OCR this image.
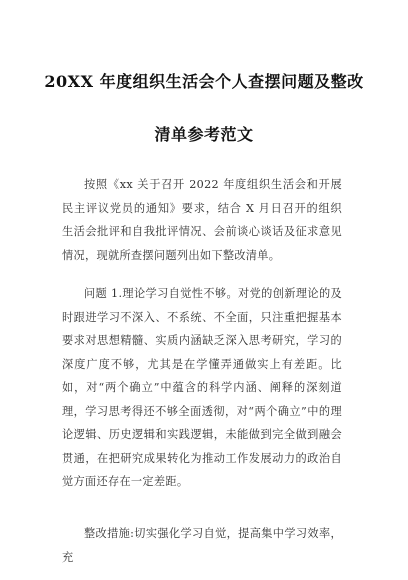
20XX 年度组织生活会个人查摆问题及整改
清单参考范文

按照《xx 关于召开 2022 年度组织生活会和开展民主评议党员的通知》要求，结合 X 月日召开的组织生活会批评和自我批评情况、会前谈心谈话及征求意见情况，现就所查摆问题列出如下整改清单。

问题 1.理论学习自觉性不够。对党的创新理论的及时跟进学习不深入、不系统、不全面，只注重把握基本要求对思想精髓、实质内涵缺乏深入思考研究，学习的深度广度不够，尤其是在学懂弄通做实上有差距。比如，对“两个确立”中蕴含的科学内涵、阐释的深刻道理，学习思考得还不够全面透彻，对“两个确立”中的理论逻辑、历史逻辑和实践逻辑，未能做到完全做到融会贯通，在把研究成果转化为推动工作发展动力的政治自觉方面还存在一定差距。

整改措施:切实强化学习自觉，提高集中学习效率，充
